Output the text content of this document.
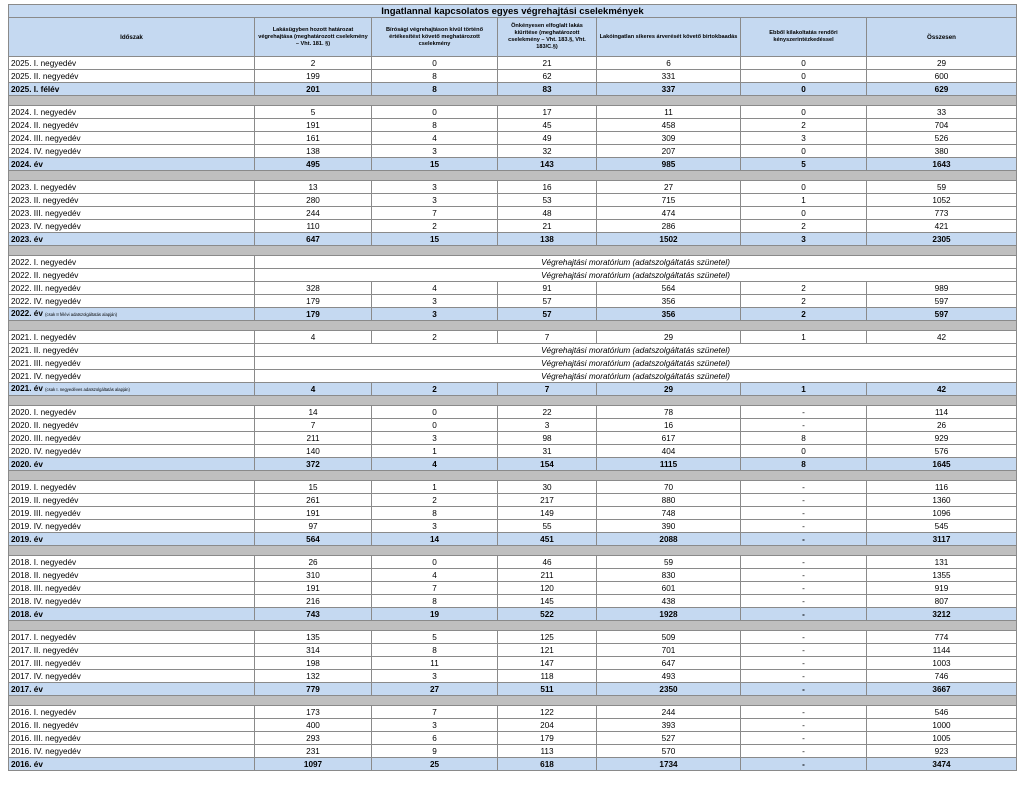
Ingatlannal kapcsolatos egyes végrehajtási cselekmények						
Időszak	Lakásügyben hozott határozat végrehajtása (meghatározott cselekmény – Vht. 181. §)	Bírósági végrehajtáson kívül történő értékesítést követő meghatározott cselekmény	Önkényesen elfoglalt lakás kiürítése (meghatározott cselekmény – Vht. 183.§, Vht. 183/C.§)	Lakóingatlan sikeres árverését követő birtokbaadás	Ebből kilakoltatás rendőri kényszerintézkedéssel	Összesen
2025. I. negyedév	2	0	21	6	0	29
2025. II. negyedév	199	8	62	331	0	600
2025. I. félév	201	8	83	337	0	629

2024. I. negyedév	5	0	17	11	0	33
2024. II. negyedév	191	8	45	458	2	704
2024. III. negyedév	161	4	49	309	3	526
2024. IV. negyedév	138	3	32	207	0	380
2024. év	495	15	143	985	5	1643

2023. I. negyedév	13	3	16	27	0	59
2023. II. negyedév	280	3	53	715	1	1052
2023. III. negyedév	244	7	48	474	0	773
2023. IV. negyedév	110	2	21	286	2	421
2023. év	647	15	138	1502	3	2305

2022. I. negyedév	Végrehajtási moratórium (adatszolgáltatás szünetel)					
2022. II. negyedév	Végrehajtási moratórium (adatszolgáltatás szünetel)					
2022. III. negyedév	328	4	91	564	2	989
2022. IV. negyedév	179	3	57	356	2	597
2022. év (csak II félévi adatszolgáltatás alapján)	179	3	57	356	2	597

2021. I. negyedév	4	2	7	29	1	42
2021. II. negyedév	Végrehajtási moratórium (adatszolgáltatás szünetel)					
2021. III. negyedév	Végrehajtási moratórium (adatszolgáltatás szünetel)					
2021. IV. negyedév	Végrehajtási moratórium (adatszolgáltatás szünetel)					
2021. év (csak I. negyedéves adatszolgáltatás alapján)	4	2	7	29	1	42

2020. I. negyedév	14	0	22	78	-	114
2020. II. negyedév	7	0	3	16	-	26
2020. III. negyedév	211	3	98	617	8	929
2020. IV. negyedév	140	1	31	404	0	576
2020. év	372	4	154	1115	8	1645

2019. I. negyedév	15	1	30	70	-	116
2019. II. negyedév	261	2	217	880	-	1360
2019. III. negyedév	191	8	149	748	-	1096
2019. IV. negyedév	97	3	55	390	-	545
2019. év	564	14	451	2088	-	3117

2018. I. negyedév	26	0	46	59	-	131
2018. II. negyedév	310	4	211	830	-	1355
2018. III. negyedév	191	7	120	601	-	919
2018. IV. negyedév	216	8	145	438	-	807
2018. év	743	19	522	1928	-	3212

2017. I. negyedév	135	5	125	509	-	774
2017. II. negyedév	314	8	121	701	-	1144
2017. III. negyedév	198	11	147	647	-	1003
2017. IV. negyedév	132	3	118	493	-	746
2017. év	779	27	511	2350	-	3667

2016. I. negyedév	173	7	122	244	-	546
2016. II. negyedév	400	3	204	393	-	1000
2016. III. negyedév	293	6	179	527	-	1005
2016. IV. negyedév	231	9	113	570	-	923
2016. év	1097	25	618	1734	-	3474
